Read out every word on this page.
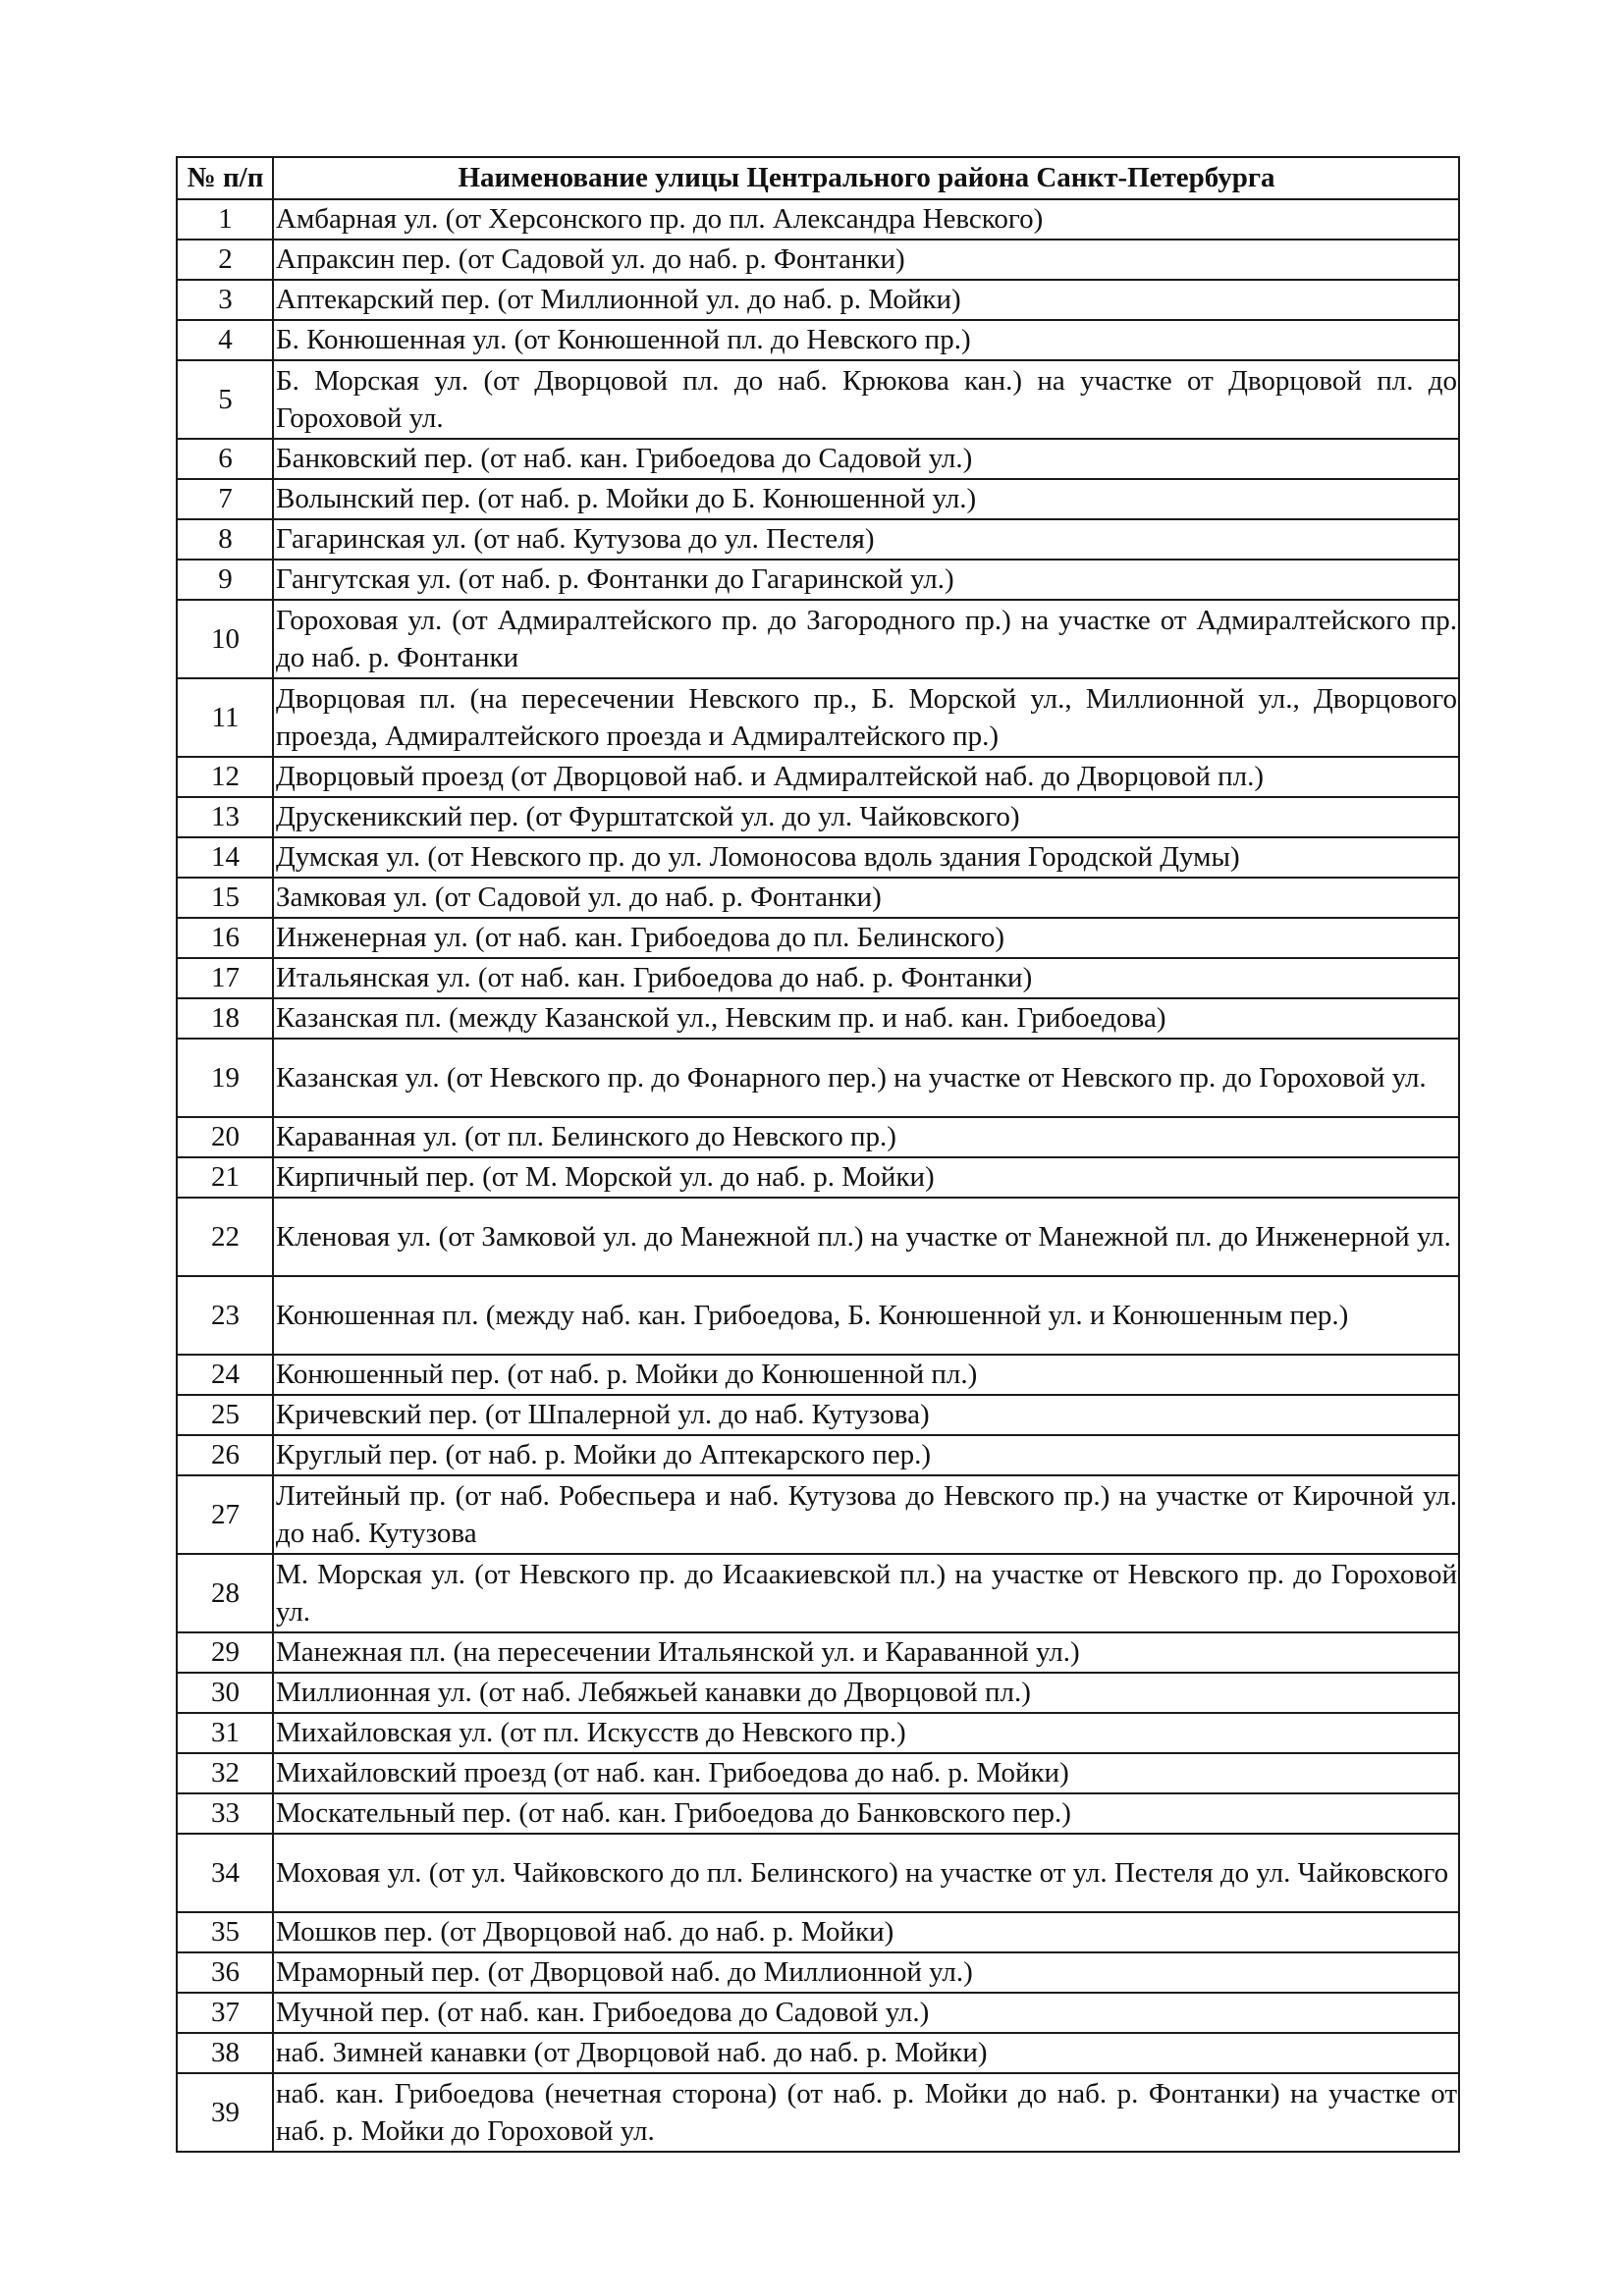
№ п/п	Наименование улицы Центрального района Санкт-Петербурга
1	Амбарная ул. (от Херсонского пр. до пл. Александра Невского)
2	Апраксин пер. (от Садовой ул. до наб. р. Фонтанки)
3	Аптекарский пер. (от Миллионной ул. до наб. р. Мойки)
4	Б. Конюшенная ул. (от Конюшенной пл. до Невского пр.)
5	Б. Морская ул. (от Дворцовой пл. до наб. Крюкова кан.) на участке от Дворцовой пл. до Гороховой ул.
6	Банковский пер. (от наб. кан. Грибоедова до Садовой ул.)
7	Волынский пер. (от наб. р. Мойки до Б. Конюшенной ул.)
8	Гагаринская ул. (от наб. Кутузова до ул. Пестеля)
9	Гангутская ул. (от наб. р. Фонтанки до Гагаринской ул.)
10	Гороховая ул. (от Адмиралтейского пр. до Загородного пр.) на участке от Адмиралтейского пр. до наб. р. Фонтанки
11	Дворцовая пл. (на пересечении Невского пр., Б. Морской ул., Миллионной ул., Дворцового проезда, Адмиралтейского проезда и Адмиралтейского пр.)
12	Дворцовый проезд (от Дворцовой наб. и Адмиралтейской наб. до Дворцовой пл.)
13	Друскеникский пер. (от Фурштатской ул. до ул. Чайковского)
14	Думская ул. (от Невского пр. до ул. Ломоносова вдоль здания Городской Думы)
15	Замковая ул. (от Садовой ул. до наб. р. Фонтанки)
16	Инженерная ул. (от наб. кан. Грибоедова до пл. Белинского)
17	Итальянская ул. (от наб. кан. Грибоедова до наб. р. Фонтанки)
18	Казанская пл. (между Казанской ул., Невским пр. и наб. кан. Грибоедова)
19	Казанская ул. (от Невского пр. до Фонарного пер.) на участке от Невского пр. до Гороховой ул.
20	Караванная ул. (от пл. Белинского до Невского пр.)
21	Кирпичный пер. (от М. Морской ул. до наб. р. Мойки)
22	Кленовая ул. (от Замковой ул. до Манежной пл.) на участке от Манежной пл. до Инженерной ул.
23	Конюшенная пл. (между наб. кан. Грибоедова, Б. Конюшенной ул. и Конюшенным пер.)
24	Конюшенный пер. (от наб. р. Мойки до Конюшенной пл.)
25	Кричевский пер. (от Шпалерной ул. до наб. Кутузова)
26	Круглый пер. (от наб. р. Мойки до Аптекарского пер.)
27	Литейный пр. (от наб. Робеспьера и наб. Кутузова до Невского пр.) на участке от Кирочной ул. до наб. Кутузова
28	М. Морская ул. (от Невского пр. до Исаакиевской пл.) на участке от Невского пр. до Гороховой ул.
29	Манежная пл. (на пересечении Итальянской ул. и Караванной ул.)
30	Миллионная ул. (от наб. Лебяжьей канавки до Дворцовой пл.)
31	Михайловская ул. (от пл. Искусств до Невского пр.)
32	Михайловский проезд (от наб. кан. Грибоедова до наб. р. Мойки)
33	Москательный пер. (от наб. кан. Грибоедова до Банковского пер.)
34	Моховая ул. (от ул. Чайковского до пл. Белинского) на участке от ул. Пестеля до ул. Чайковского
35	Мошков пер. (от Дворцовой наб. до наб. р. Мойки)
36	Мраморный пер. (от Дворцовой наб. до Миллионной ул.)
37	Мучной пер. (от наб. кан. Грибоедова до Садовой ул.)
38	наб. Зимней канавки (от Дворцовой наб. до наб. р. Мойки)
39	наб. кан. Грибоедова (нечетная сторона) (от наб. р. Мойки до наб. р. Фонтанки) на участке от наб. р. Мойки до Гороховой ул.
